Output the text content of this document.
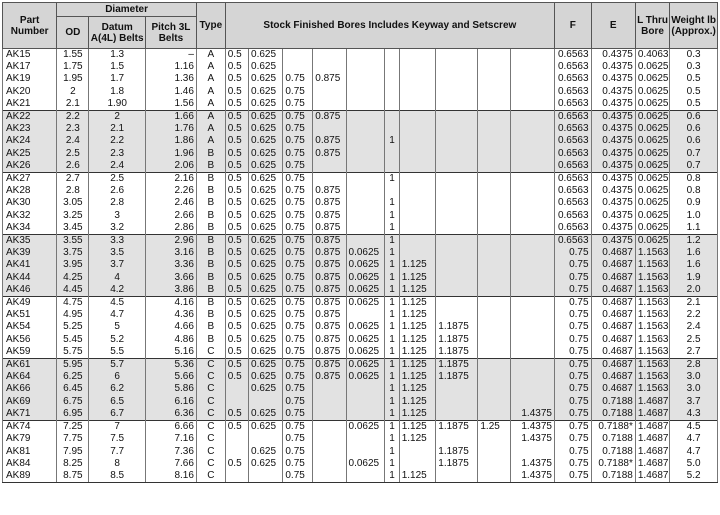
Part Number	Diameter			Type	Stock Finished Bores Includes Keyway and Setscrew										F	E	L Thru Bore	Weight lb (Approx.)
	OD	Datum A(4L) Belts	Pitch 3L Belts															
AK15	1.55	1.3	–	A	0.5	0.625									0.6563	0.4375	0.4063	0.3
AK17	1.75	1.5	1.16	A	0.5	0.625									0.6563	0.4375	0.0625	0.3
AK19	1.95	1.7	1.36	A	0.5	0.625	0.75	0.875							0.6563	0.4375	0.0625	0.5
AK20	2	1.8	1.46	A	0.5	0.625	0.75								0.6563	0.4375	0.0625	0.5
AK21	2.1	1.90	1.56	A	0.5	0.625	0.75								0.6563	0.4375	0.0625	0.5
AK22	2.2	2	1.66	A	0.5	0.625	0.75	0.875							0.6563	0.4375	0.0625	0.6
AK23	2.3	2.1	1.76	A	0.5	0.625	0.75								0.6563	0.4375	0.0625	0.6
AK24	2.4	2.2	1.86	A	0.5	0.625	0.75	0.875		1					0.6563	0.4375	0.0625	0.6
AK25	2.5	2.3	1.96	B	0.5	0.625	0.75	0.875							0.6563	0.4375	0.0625	0.7
AK26	2.6	2.4	2.06	B	0.5	0.625	0.75								0.6563	0.4375	0.0625	0.7
AK27	2.7	2.5	2.16	B	0.5	0.625	0.75			1					0.6563	0.4375	0.0625	0.8
AK28	2.8	2.6	2.26	B	0.5	0.625	0.75	0.875							0.6563	0.4375	0.0625	0.8
AK30	3.05	2.8	2.46	B	0.5	0.625	0.75	0.875		1					0.6563	0.4375	0.0625	0.9
AK32	3.25	3	2.66	B	0.5	0.625	0.75	0.875		1					0.6563	0.4375	0.0625	1.0
AK34	3.45	3.2	2.86	B	0.5	0.625	0.75	0.875		1					0.6563	0.4375	0.0625	1.1
AK35	3.55	3.3	2.96	B	0.5	0.625	0.75	0.875		1					0.6563	0.4375	0.0625	1.2
AK39	3.75	3.5	3.16	B	0.5	0.625	0.75	0.875	0.0625	1					0.75	0.4687	1.1563	1.6
AK41	3.95	3.7	3.36	B	0.5	0.625	0.75	0.875	0.0625	1	1.125				0.75	0.4687	1.1563	1.6
AK44	4.25	4	3.66	B	0.5	0.625	0.75	0.875	0.0625	1	1.125				0.75	0.4687	1.1563	1.9
AK46	4.45	4.2	3.86	B	0.5	0.625	0.75	0.875	0.0625	1	1.125				0.75	0.4687	1.1563	2.0
AK49	4.75	4.5	4.16	B	0.5	0.625	0.75	0.875	0.0625	1	1.125				0.75	0.4687	1.1563	2.1
AK51	4.95	4.7	4.36	B	0.5	0.625	0.75	0.875		1	1.125				0.75	0.4687	1.1563	2.2
AK54	5.25	5	4.66	B	0.5	0.625	0.75	0.875	0.0625	1	1.125	1.1875			0.75	0.4687	1.1563	2.4
AK56	5.45	5.2	4.86	B	0.5	0.625	0.75	0.875	0.0625	1	1.125	1.1875			0.75	0.4687	1.1563	2.5
AK59	5.75	5.5	5.16	C	0.5	0.625	0.75	0.875	0.0625	1	1.125	1.1875			0.75	0.4687	1.1563	2.7
AK61	5.95	5.7	5.36	C	0.5	0.625	0.75	0.875	0.0625	1	1.125	1.1875			0.75	0.4687	1.1563	2.8
AK64	6.25	6	5.66	C	0.5	0.625	0.75	0.875	0.0625	1	1.125	1.1875			0.75	0.4687	1.1563	3.0
AK66	6.45	6.2	5.86	C		0.625	0.75			1	1.125				0.75	0.4687	1.1563	3.0
AK69	6.75	6.5	6.16	C			0.75			1	1.125				0.75	0.7188	1.4687	3.7
AK71	6.95	6.7	6.36	C	0.5	0.625	0.75			1	1.125			1.4375	0.75	0.7188	1.4687	4.3
AK74	7.25	7	6.66	C	0.5	0.625	0.75		0.0625	1	1.125	1.1875	1.25	1.4375	0.75	0.7188*	1.4687	4.5
AK79	7.75	7.5	7.16	C			0.75			1	1.125			1.4375	0.75	0.7188	1.4687	4.7
AK81	7.95	7.7	7.36	C		0.625	0.75			1		1.1875			0.75	0.7188	1.4687	4.7
AK84	8.25	8	7.66	C	0.5	0.625	0.75		0.0625	1		1.1875		1.4375	0.75	0.7188*	1.4687	5.0
AK89	8.75	8.5	8.16	C			0.75			1	1.125			1.4375	0.75	0.7188	1.4687	5.2
